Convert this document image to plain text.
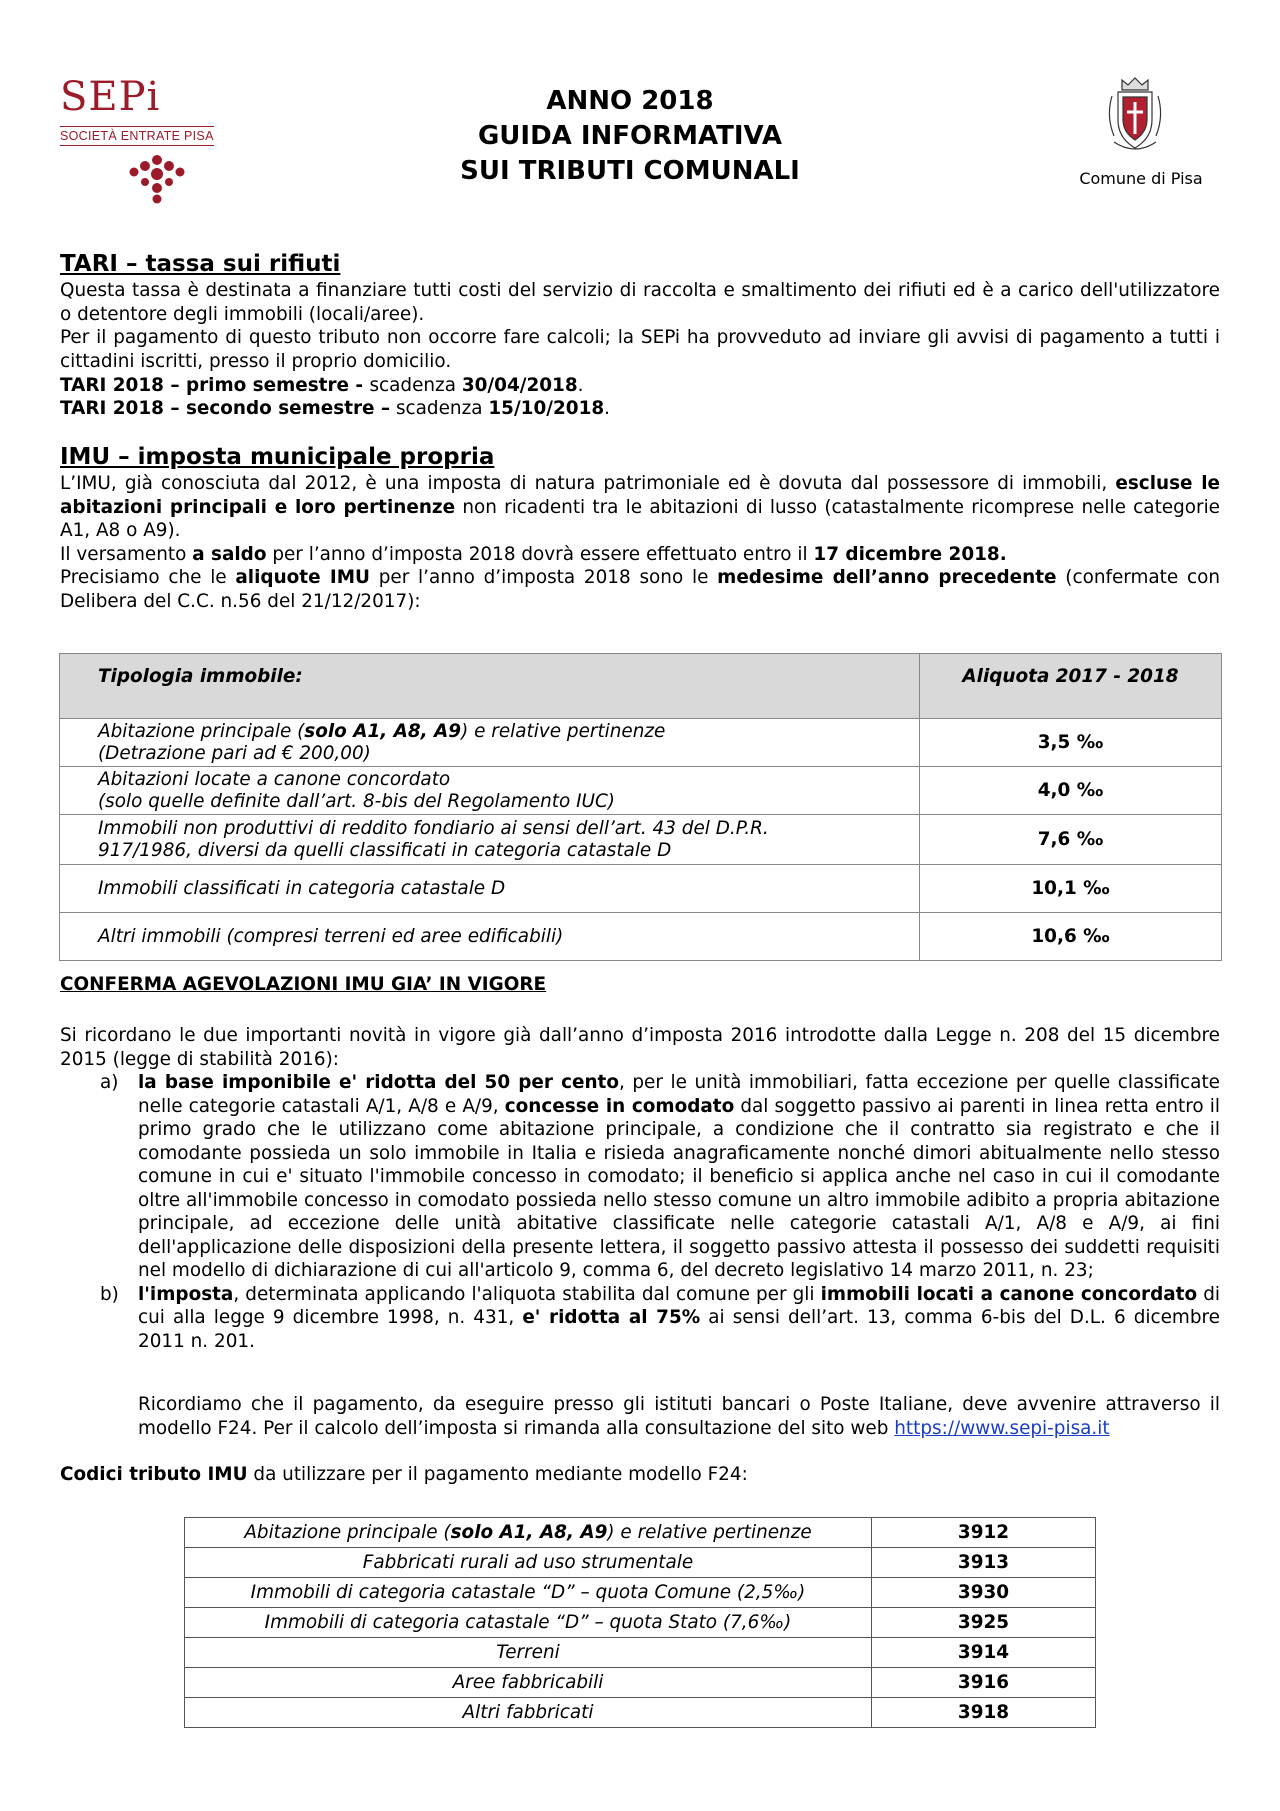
SEPi
SOCIETÀ ENTRATE PISA
ANNO 2018
GUIDA INFORMATIVA
SUI TRIBUTI COMUNALI	Comune di Pisa
TARI – tassa sui rifiuti
Questa tassa è destinata a finanziare tutti costi del servizio di raccolta e smaltimento dei rifiuti ed è a carico dell'utilizzatore o detentore degli immobili (locali/aree).
Per il pagamento di questo tributo non occorre fare calcoli; la SEPi ha provveduto ad inviare gli avvisi di pagamento a tutti i cittadini iscritti, presso il proprio domicilio.
TARI 2018 – primo semestre - scadenza 30/04/2018.
TARI 2018 – secondo semestre – scadenza 15/10/2018.
IMU – imposta municipale propria
L’IMU, già conosciuta dal 2012, è una imposta di natura patrimoniale ed è dovuta dal possessore di immobili, escluse le abitazioni principali e loro pertinenze non ricadenti tra le abitazioni di lusso (catastalmente ricomprese nelle categorie A1, A8 o A9).
Il versamento a saldo per l’anno d’imposta 2018 dovrà essere effettuato entro il 17 dicembre 2018.
Precisiamo che le aliquote IMU per l’anno d’imposta 2018 sono le medesime dell’anno precedente (confermate con Delibera del C.C. n.56 del 21/12/2017):
Tipologia immobile:	Aliquota 2017 - 2018
Abitazione principale (solo A1, A8, A9) e relative pertinenze
(Detrazione pari ad € 200,00)	3,5 ‰
Abitazioni locate a canone concordato
(solo quelle definite dall’art. 8-bis del Regolamento IUC)	4,0 ‰
Immobili non produttivi di reddito fondiario ai sensi dell’art. 43 del D.P.R.
917/1986, diversi da quelli classificati in categoria catastale D	7,6 ‰
Immobili classificati in categoria catastale D	10,1 ‰
Altri immobili (compresi terreni ed aree edificabili)	10,6 ‰
CONFERMA AGEVOLAZIONI IMU GIA’ IN VIGORE
Si ricordano le due importanti novità in vigore già dall’anno d’imposta 2016 introdotte dalla Legge n. 208 del 15 dicembre 2015 (legge di stabilità 2016):
a) la base imponibile e' ridotta del 50 per cento, per le unità immobiliari, fatta eccezione per quelle classificate nelle categorie catastali A/1, A/8 e A/9, concesse in comodato dal soggetto passivo ai parenti in linea retta entro il primo grado che le utilizzano come abitazione principale, a condizione che il contratto sia registrato e che il comodante possieda un solo immobile in Italia e risieda anagraficamente nonché dimori abitualmente nello stesso comune in cui e' situato l'immobile concesso in comodato; il beneficio si applica anche nel caso in cui il comodante oltre all'immobile concesso in comodato possieda nello stesso comune un altro immobile adibito a propria abitazione principale, ad eccezione delle unità abitative classificate nelle categorie catastali A/1, A/8 e A/9, ai fini dell'applicazione delle disposizioni della presente lettera, il soggetto passivo attesta il possesso dei suddetti requisiti nel modello di dichiarazione di cui all'articolo 9, comma 6, del decreto legislativo 14 marzo 2011, n. 23;
b) l'imposta, determinata applicando l'aliquota stabilita dal comune per gli immobili locati a canone concordato di cui alla legge 9 dicembre 1998, n. 431, e' ridotta al 75% ai sensi dell’art. 13, comma 6-bis del D.L. 6 dicembre 2011 n. 201.
Ricordiamo che il pagamento, da eseguire presso gli istituti bancari o Poste Italiane, deve avvenire attraverso il modello F24. Per il calcolo dell’imposta si rimanda alla consultazione del sito web https://www.sepi-pisa.it
Codici tributo IMU da utilizzare per il pagamento mediante modello F24:
Abitazione principale (solo A1, A8, A9) e relative pertinenze	3912
Fabbricati rurali ad uso strumentale	3913
Immobili di categoria catastale “D” – quota Comune (2,5‰)	3930
Immobili di categoria catastale “D” – quota Stato (7,6‰)	3925
Terreni	3914
Aree fabbricabili	3916
Altri fabbricati	3918
